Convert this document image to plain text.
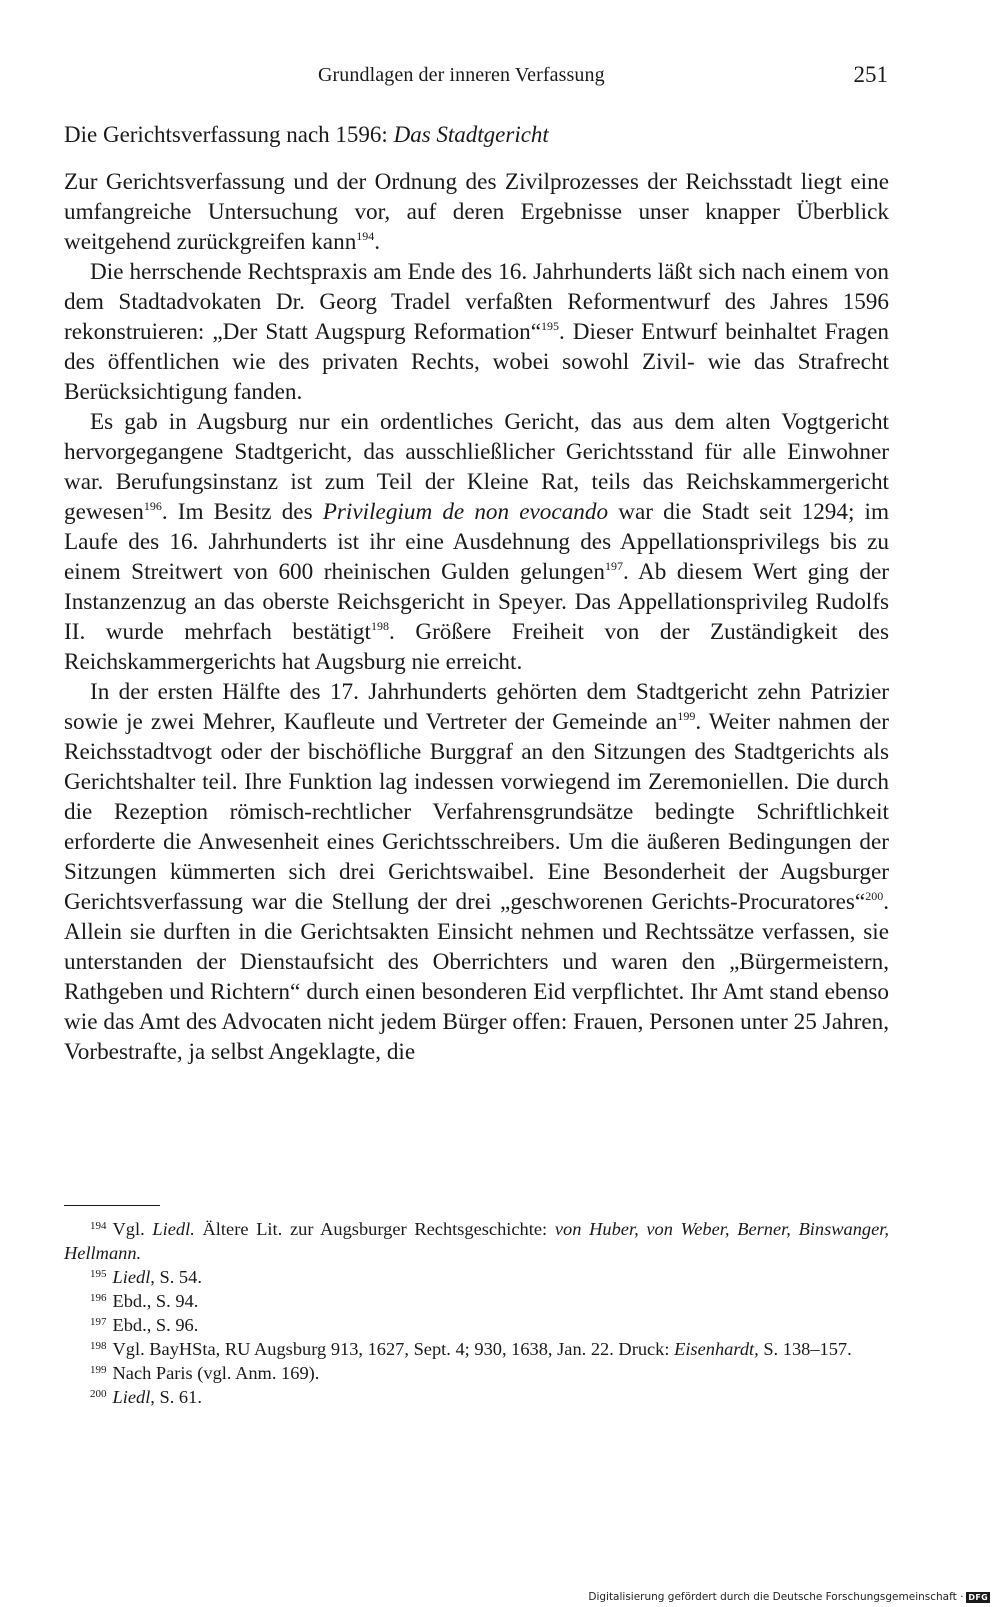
Grundlagen der inneren Verfassung	251
Die Gerichtsverfassung nach 1596: Das Stadtgericht

Zur Gerichtsverfassung und der Ordnung des Zivilprozesses der Reichsstadt liegt eine umfangreiche Untersuchung vor, auf deren Ergebnisse unser knapper Überblick weitgehend zurückgreifen kann$^{194}$.

Die herrschende Rechtspraxis am Ende des 16. Jahrhunderts läßt sich nach einem von dem Stadtadvokaten Dr. Georg Tradel verfaßten Reformentwurf des Jahres 1596 rekonstruieren: „Der Statt Augspurg Reformation“$^{195}$. Dieser Entwurf beinhaltet Fragen des öffentlichen wie des privaten Rechts, wobei sowohl Zivil- wie das Strafrecht Berücksichtigung fanden.

Es gab in Augsburg nur ein ordentliches Gericht, das aus dem alten Vogtgericht hervorgegangene Stadtgericht, das ausschließlicher Gerichtsstand für alle Einwohner war. Berufungsinstanz ist zum Teil der Kleine Rat, teils das Reichskammergericht gewesen$^{196}$. Im Besitz des Privilegium de non evocando war die Stadt seit 1294; im Laufe des 16. Jahrhunderts ist ihr eine Ausdehnung des Appellationsprivilegs bis zu einem Streitwert von 600 rheinischen Gulden gelungen$^{197}$. Ab diesem Wert ging der Instanzenzug an das oberste Reichsgericht in Speyer. Das Appellationsprivileg Rudolfs II. wurde mehrfach bestätigt$^{198}$. Größere Freiheit von der Zuständigkeit des Reichskammergerichts hat Augsburg nie erreicht.

In der ersten Hälfte des 17. Jahrhunderts gehörten dem Stadtgericht zehn Patrizier sowie je zwei Mehrer, Kaufleute und Vertreter der Gemeinde $an^{199}$. Weiter nahmen der Reichsstadtvogt oder der bischöfliche Burggraf an den Sitzungen des Stadtgerichts als Gerichtshalter teil. Ihre Funktion lag indessen vorwiegend im Zeremoniellen. Die durch die Rezeption römisch-rechtlicher Verfahrensgrundsätze bedingte Schriftlichkeit erforderte die Anwesenheit eines Gerichtsschreibers. Um die äußeren Bedingungen der Sitzungen kümmerten sich drei Gerichtswaibel. Eine Besonderheit der Augsburger Gerichtsverfassung war die Stellung der drei „geschworenen Gerichts-Procuratores“$^{200}$. Allein sie durften in die Gerichtsakten Einsicht nehmen und Rechtssätze verfassen, sie unterstanden der Dienstaufsicht des Oberrichters und waren den „Bürgermeistern, Rathgeben und Richtern“ durch einen besonderen Eid verpflichtet. Ihr Amt stand ebenso wie das Amt des Advocaten nicht jedem Bürger offen: Frauen, Personen unter 25 Jahren, Vorbestrafte, ja selbst Angeklagte, die

$^{194}$ Vgl. Liedl. Ältere Lit. zur Augsburger Rechtsgeschichte: von Huber, von Weber, Berner, Binswanger, Hellmann.

$^{195}$ Liedl, S. 54.

$^{196}$ Ebd., S. 94.

$^{197}$ Ebd., S. 96.

$^{198}$ Vgl. BayHSta, RU Augsburg 913, 1627, Sept. 4; 930, 1638, Jan. 22. Druck: Eisenhardt, S. 138–157.

$^{199}$ Nach Paris (vgl. Anm. 169).

$^{200}$ Liedl, S. 61.

Digitalisierung gefördert durch die Deutsche Forschungsgemeinschaft · DFG
